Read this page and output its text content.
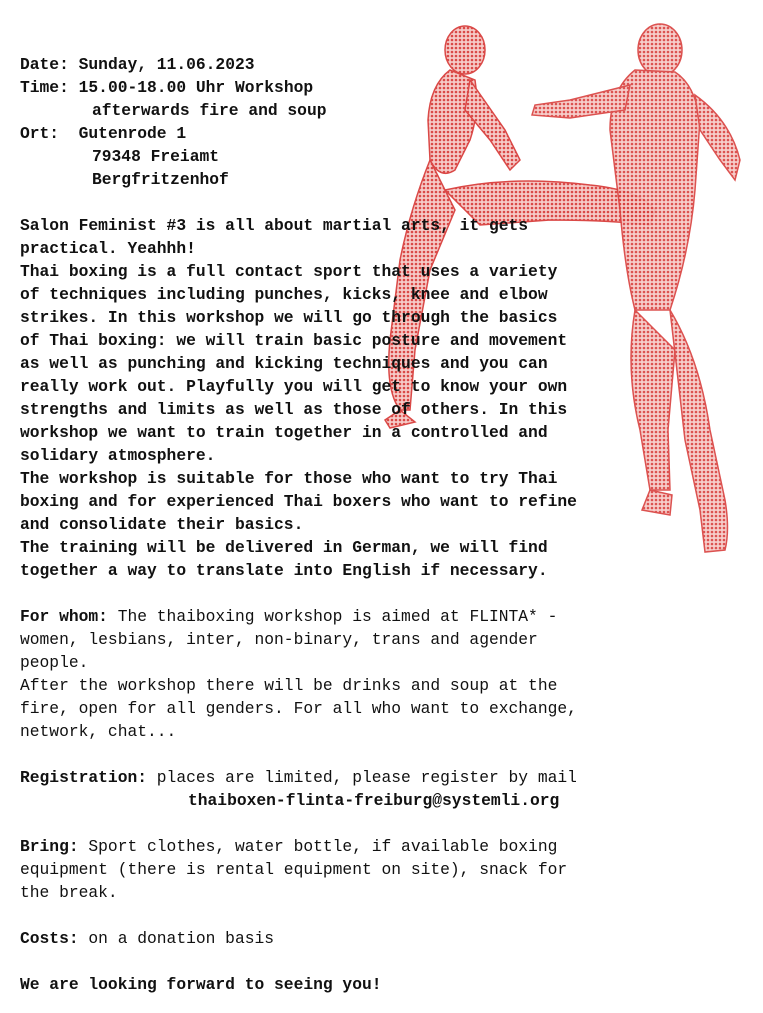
Date: Sunday, 11.06.2023
Time: 15.00-18.00 Uhr Workshop
afterwards fire and soup
Ort: Gutenrode 1
79348 Freiamt
Bergfritzenhof
Salon Feminist #3 is all about martial arts, it gets
practical. Yeahhh!
Thai boxing is a full contact sport that uses a variety
of techniques including punches, kicks, knee and elbow
strikes. In this workshop we will go through the basics
of Thai boxing: we will train basic posture and movement
as well as punching and kicking techniques and you can
really work out. Playfully you will get to know your own
strengths and limits as well as those of others. In this
workshop we want to train together in a controlled and
solidary atmosphere.
The workshop is suitable for those who want to try Thai
boxing and for experienced Thai boxers who want to refine
and consolidate their basics.
The training will be delivered in German, we will find
together a way to translate into English if necessary.
For whom: The thaiboxing workshop is aimed at FLINTA* -
women, lesbians, inter, non-binary, trans and agender
people.
After the workshop there will be drinks and soup at the
fire, open for all genders. For all who want to exchange,
network, chat...
Registration: places are limited, please register by mail
thaiboxen-flinta-freiburg@systemli.org
Bring: Sport clothes, water bottle, if available boxing
equipment (there is rental equipment on site), snack for
the break.
Costs: on a donation basis
We are looking forward to seeing you!
